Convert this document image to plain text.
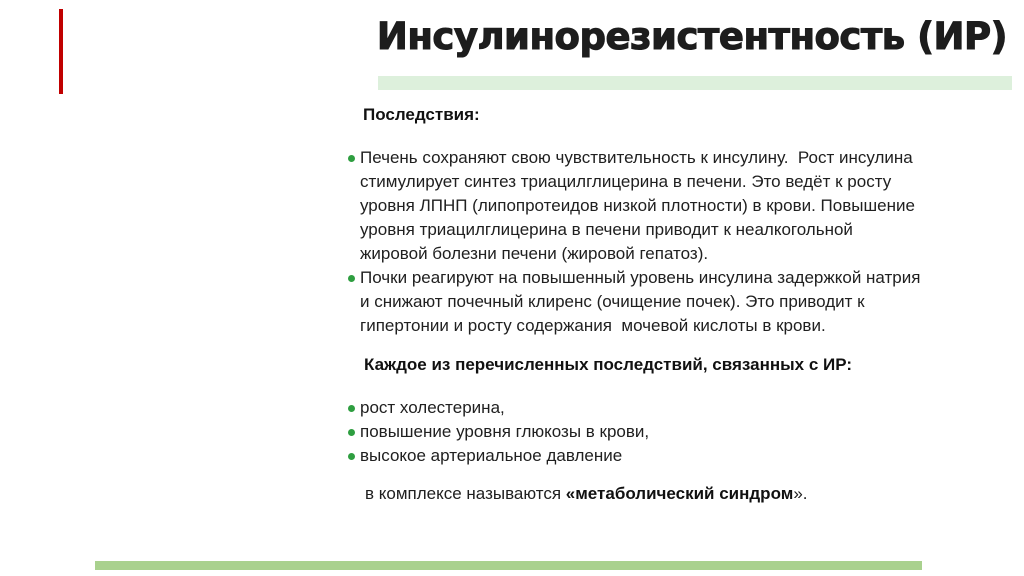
Инсулинорезистентность (ИР)
Последствия:
Печень сохраняют свою чувствительность к инсулину.  Рост инсулина
стимулирует синтез триацилглицерина в печени. Это ведёт к росту
уровня ЛПНП (липопротеидов низкой плотности) в крови. Повышение
уровня триацилглицерина в печени приводит к неалкогольной
жировой болезни печени (жировой гепатоз).
Почки реагируют на повышенный уровень инсулина задержкой натрия
и снижают почечный клиренс (очищение почек). Это приводит к
гипертонии и росту содержания  мочевой кислоты в крови.
Каждое из перечисленных последствий, связанных с ИР:
рост холестерина,
повышение уровня глюкозы в крови,
высокое артериальное давление
в комплексе называются «метаболический синдром».
